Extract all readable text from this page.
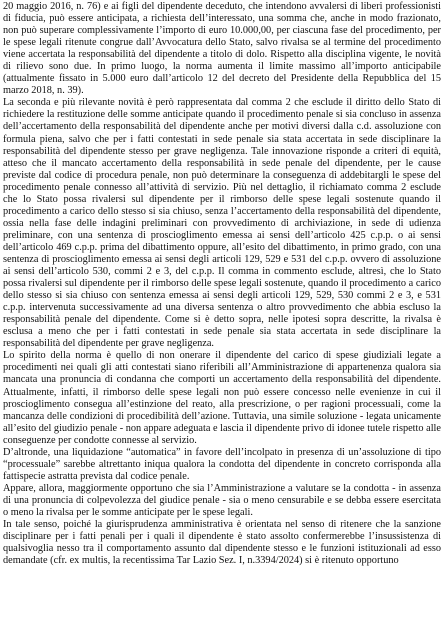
20 maggio 2016, n. 76) e ai figli del dipendente deceduto, che intendono avvalersi di liberi professionisti di fiducia, può essere anticipata, a richiesta dell’interessato, una somma che, anche in modo frazionato, non può superare complessivamente l’importo di euro 10.000,00, per ciascuna fase del procedimento, per le spese legali ritenute congrue dall’Avvocatura dello Stato, salvo rivalsa se al termine del procedimento viene accertata la responsabilità del dipendente a titolo di dolo. Rispetto alla disciplina vigente, le novità di rilievo sono due. In primo luogo, la norma aumenta il limite massimo all’importo anticipabile (attualmente fissato in 5.000 euro dall’articolo 12 del decreto del Presidente della Repubblica del 15 marzo 2018, n. 39).

La seconda e più rilevante novità è però rappresentata dal comma 2 che esclude il diritto dello Stato di richiedere la restituzione delle somme anticipate quando il procedimento penale si sia concluso in assenza dell’accertamento della responsabilità del dipendente anche per motivi diversi dalla c.d. assoluzione con formula piena, salvo che per i fatti contestati in sede penale sia stata accertata in sede disciplinare la responsabilità del dipendente stesso per grave negligenza. Tale innovazione risponde a criteri di equità, atteso che il mancato accertamento della responsabilità in sede penale del dipendente, per le cause previste dal codice di procedura penale, non può determinare la conseguenza di addebitargli le spese del procedimento penale connesso all’attività di servizio. Più nel dettaglio, il richiamato comma 2 esclude che lo Stato possa rivalersi sul dipendente per il rimborso delle spese legali sostenute quando il procedimento a carico dello stesso si sia chiuso, senza l’accertamento della responsabilità del dipendente, ossia nella fase delle indagini preliminari con provvedimento di archiviazione, in sede di udienza preliminare, con una sentenza di proscioglimento emessa ai sensi dell’articolo 425 c.p.p. o ai sensi dell’articolo 469 c.p.p. prima del dibattimento oppure, all’esito del dibattimento, in primo grado, con una sentenza di proscioglimento emessa ai sensi degli articoli 129, 529 e 531 del c.p.p. ovvero di assoluzione ai sensi dell’articolo 530, commi 2 e 3, del c.p.p. Il comma in commento esclude, altresì, che lo Stato possa rivalersi sul dipendente per il rimborso delle spese legali sostenute, quando il procedimento a carico dello stesso si sia chiuso con sentenza emessa ai sensi degli articoli 129, 529, 530 commi 2 e 3, e 531 c.p.p. intervenuta successivamente ad una diversa sentenza o altro provvedimento che abbia escluso la responsabilità penale del dipendente. Come si è detto sopra, nelle ipotesi sopra descritte, la rivalsa è esclusa a meno che per i fatti contestati in sede penale sia stata accertata in sede disciplinare la responsabilità del dipendente per grave negligenza.

Lo spirito della norma è quello di non onerare il dipendente del carico di spese giudiziali legate a procedimenti nei quali gli atti contestati siano riferibili all’Amministrazione di appartenenza qualora sia mancata una pronuncia di condanna che comporti un accertamento della responsabilità del dipendente. Attualmente, infatti, il rimborso delle spese legali non può essere concesso nelle evenienze in cui il proscioglimento consegua all’estinzione del reato, alla prescrizione, o per ragioni processuali, come la mancanza delle condizioni di procedibilità dell’azione. Tuttavia, una simile soluzione - legata unicamente all’esito del giudizio penale - non appare adeguata e lascia il dipendente privo di idonee tutele rispetto alle conseguenze per condotte connesse al servizio.

D’altronde, una liquidazione “automatica” in favore dell’incolpato in presenza di un’assoluzione di tipo “processuale” sarebbe altrettanto iniqua qualora la condotta del dipendente in concreto corrisponda alla fattispecie astratta prevista dal codice penale.

Appare, allora, maggiormente opportuno che sia l’Amministrazione a valutare se la condotta - in assenza di una pronuncia di colpevolezza del giudice penale - sia o meno censurabile e se debba essere esercitata o meno la rivalsa per le somme anticipate per le spese legali.

In tale senso, poiché la giurisprudenza amministrativa è orientata nel senso di ritenere che la sanzione disciplinare per i fatti penali per i quali il dipendente è stato assolto confermerebbe l’insussistenza di qualsivoglia nesso tra il comportamento assunto dal dipendente stesso e le funzioni istituzionali ad esso demandate (cfr. ex multis, la recentissima Tar Lazio Sez. I, n.3394/2024) si è ritenuto opportuno
